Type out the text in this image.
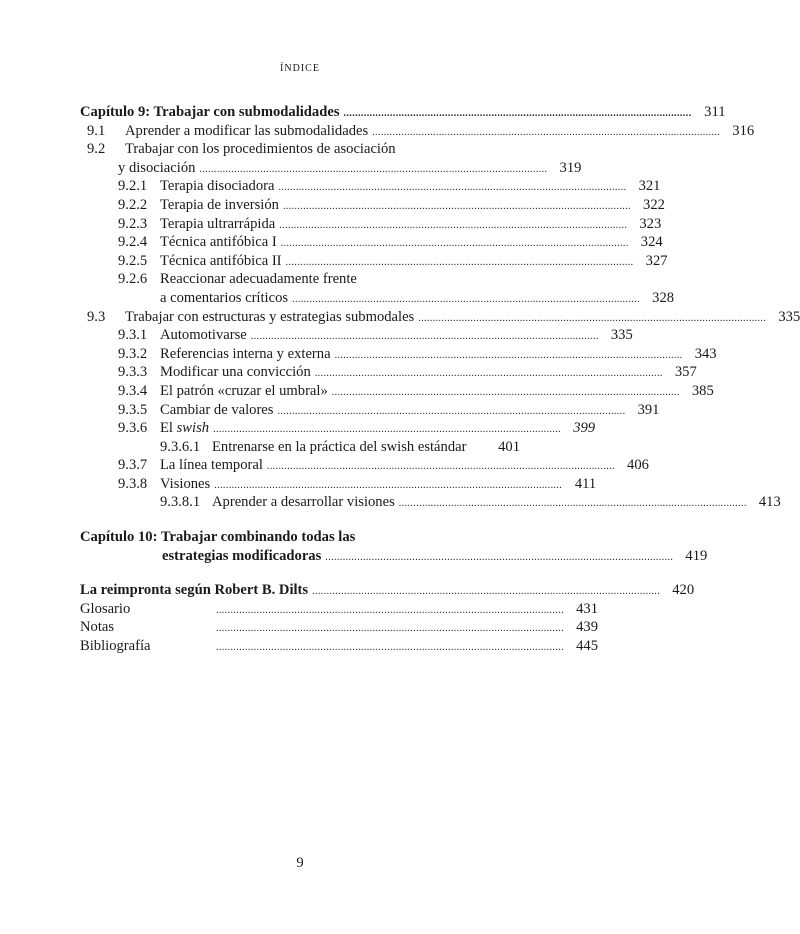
ÍNDICE
Capítulo 9: Trabajar con submodalidades ........................................................................................................................ 311
9.1	Aprender a modificar las submodalidades ........................................................................................................................ 316
9.2	Trabajar con los procedimientos de asociación
y disociación ........................................................................................................................ 319
9.2.1 Terapia disociadora ........................................................................................................................ 321
9.2.2 Terapia de inversión ........................................................................................................................ 322
9.2.3 Terapia ultrarrápida ........................................................................................................................ 323
9.2.4 Técnica antifóbica I ........................................................................................................................ 324
9.2.5 Técnica antifóbica II ........................................................................................................................ 327
9.2.6 Reaccionar adecuadamente frente
a comentarios críticos ........................................................................................................................ 328
9.3	Trabajar con estructuras y estrategias submodales ........................................................................................................................ 335
9.3.1 Automotivarse ........................................................................................................................ 335
9.3.2 Referencias interna y externa ........................................................................................................................ 343
9.3.3 Modificar una convicción ........................................................................................................................ 357
9.3.4 El patrón «cruzar el umbral» ........................................................................................................................ 385
9.3.5 Cambiar de valores ........................................................................................................................ 391
9.3.6 El swish ........................................................................................................................ 399
9.3.6.1 Entrenarse en la práctica del swish estándar	401
9.3.7 La línea temporal ........................................................................................................................ 406
9.3.8 Visiones ........................................................................................................................ 411
9.3.8.1 Aprender a desarrollar visiones ........................................................................................................................ 413
Capítulo 10: Trabajar combinando todas las
estrategias modificadoras ........................................................................................................................ 419
La reimpronta según Robert B. Dilts ........................................................................................................................ 420
Glosario	........................................................................................................................ 431
Notas	........................................................................................................................ 439
Bibliografía	........................................................................................................................ 445
9
